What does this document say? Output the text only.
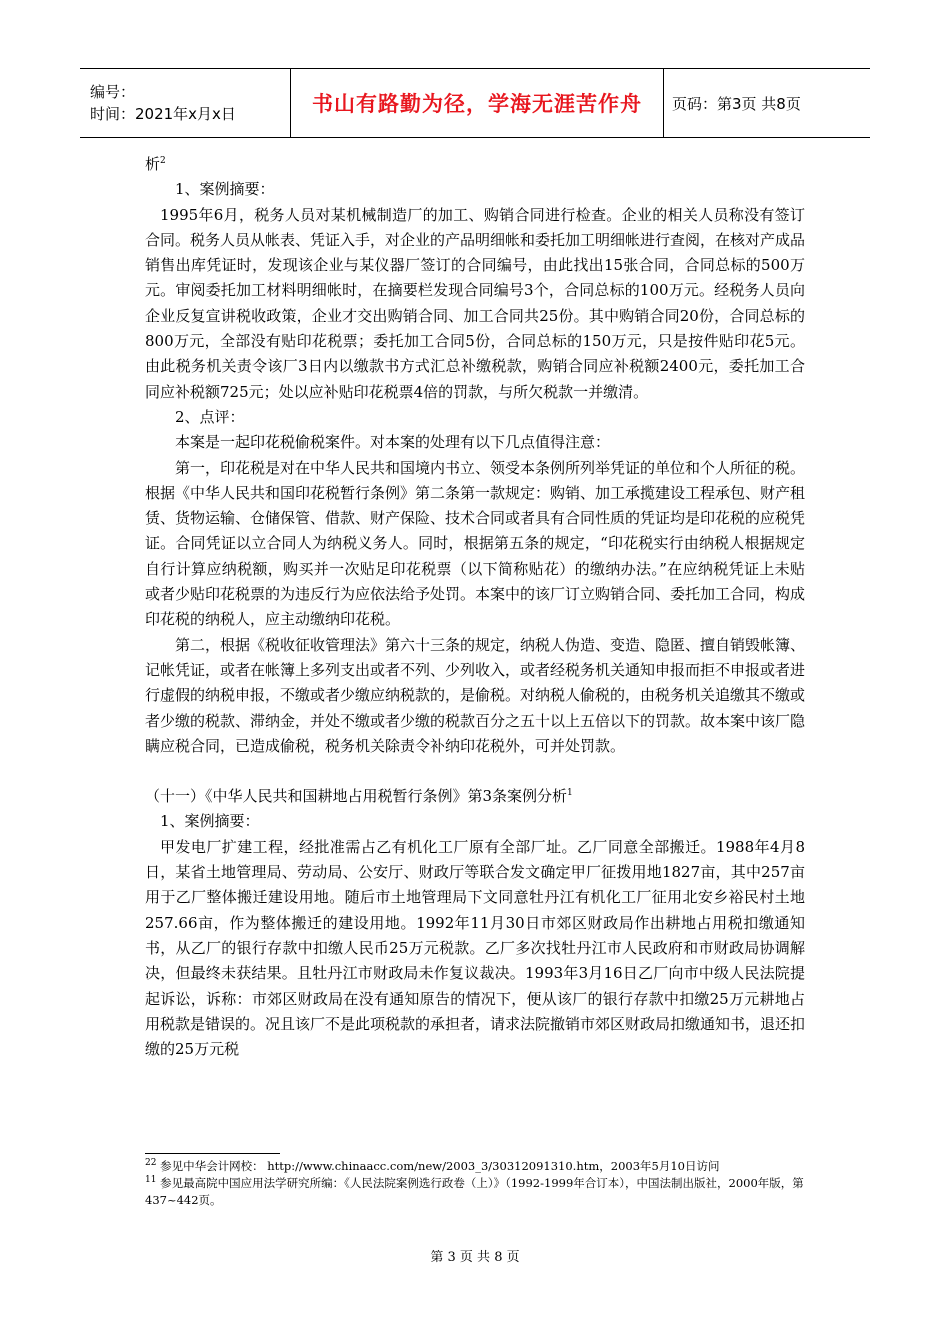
编号：
时间：2021年x月x日	书山有路勤为径，学海无涯苦作舟 页码：第3页 共8页

析$^2$

1、案例摘要：

1995年6月，税务人员对某机械制造厂的加工、购销合同进行检查。企业的相关人员称没有签订合同。税务人员从帐表、凭证入手，对企业的产品明细帐和委托加工明细帐进行查阅，在核对产成品销售出库凭证时，发现该企业与某仪器厂签订的合同编号，由此找出15张合同，合同总标的500万元。审阅委托加工材料明细帐时，在摘要栏发现合同编号3个，合同总标的100万元。经税务人员向企业反复宣讲税收政策，企业才交出购销合同、加工合同共25份。其中购销合同20份，合同总标的800万元，全部没有贴印花税票；委托加工合同5份，合同总标的150万元，只是按件贴印花5元。由此税务机关责令该厂3日内以缴款书方式汇总补缴税款，购销合同应补税额2400元，委托加工合同应补税额725元；处以应补贴印花税票4倍的罚款，与所欠税款一并缴清。

2、点评：

本案是一起印花税偷税案件。对本案的处理有以下几点值得注意：

第一，印花税是对在中华人民共和国境内书立、领受本条例所列举凭证的单位和个人所征的税。根据《中华人民共和国印花税暂行条例》第二条第一款规定：购销、加工承揽建设工程承包、财产租赁、货物运输、仓储保管、借款、财产保险、技术合同或者具有合同性质的凭证均是印花税的应税凭证。合同凭证以立合同人为纳税义务人。同时，根据第五条的规定，“印花税实行由纳税人根据规定自行计算应纳税额，购买并一次贴足印花税票（以下简称贴花）的缴纳办法。”在应纳税凭证上未贴或者少贴印花税票的为违反行为应依法给予处罚。本案中的该厂订立购销合同、委托加工合同，构成印花税的纳税人，应主动缴纳印花税。

第二，根据《税收征收管理法》第六十三条的规定，纳税人伪造、变造、隐匿、擅自销毁帐簿、记帐凭证，或者在帐簿上多列支出或者不列、少列收入，或者经税务机关通知申报而拒不申报或者进行虚假的纳税申报，不缴或者少缴应纳税款的，是偷税。对纳税人偷税的，由税务机关追缴其不缴或者少缴的税款、滞纳金，并处不缴或者少缴的税款百分之五十以上五倍以下的罚款。故本案中该厂隐瞒应税合同，已造成偷税，税务机关除责令补纳印花税外，可并处罚款。

（十一）《中华人民共和国耕地占用税暂行条例》第3条案例分析$^1$

1、案例摘要：

甲发电厂扩建工程，经批准需占乙有机化工厂原有全部厂址。乙厂同意全部搬迁。1988年4月8日，某省土地管理局、劳动局、公安厅、财政厅等联合发文确定甲厂征拨用地1827亩，其中257亩用于乙厂整体搬迁建设用地。随后市土地管理局下文同意牡丹江有机化工厂征用北安乡裕民村土地257.66亩，作为整体搬迁的建设用地。1992年11月30日市郊区财政局作出耕地占用税扣缴通知书，从乙厂的银行存款中扣缴人民币25万元税款。乙厂多次找牡丹江市人民政府和市财政局协调解决，但最终未获结果。且牡丹江市财政局未作复议裁决。1993年3月16日乙厂向市中级人民法院提起诉讼，诉称：市郊区财政局在没有通知原告的情况下，便从该厂的银行存款中扣缴25万元耕地占用税款是错误的。况且该厂不是此项税款的承担者，请求法院撤销市郊区财政局扣缴通知书，退还扣缴的25万元税

$^{22}$ 参见中华会计网校： http://www.chinaacc.com/new/2003_3/30312091310.htm，2003年5月10日访问

$^{11}$ 参见最高院中国应用法学研究所编：《人民法院案例选行政卷（上）》（1992-1999年合订本），中国法制出版社，2000年版，第437~442页。

第 3 页 共 8 页
